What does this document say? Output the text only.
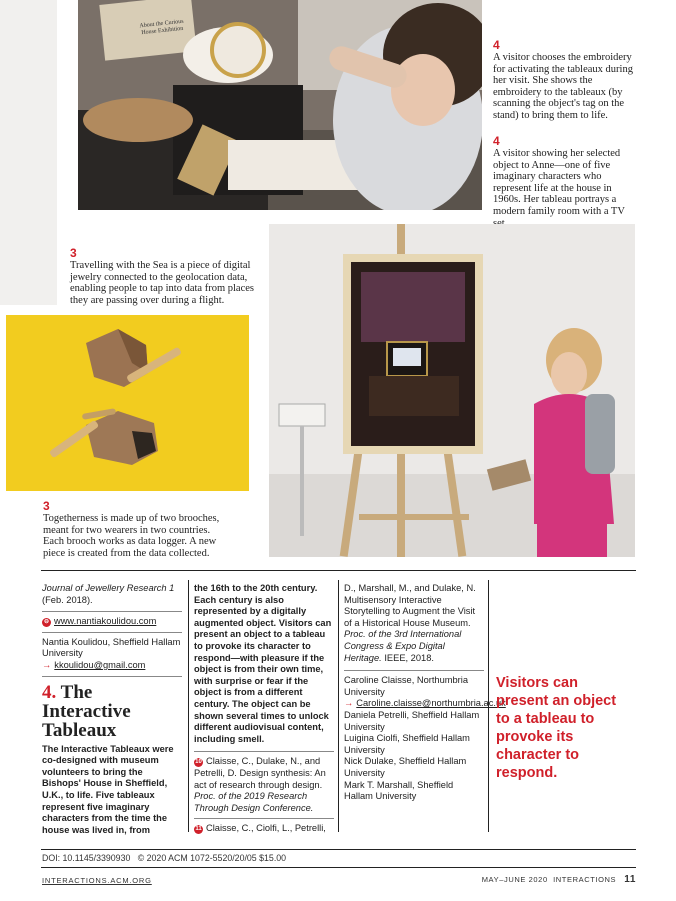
About the Curious House Exhibition
4
A visitor chooses the embroidery for activating the tableaux during her visit. She shows the embroidery to the tableaux (by scanning the object's tag on the stand) to bring them to life.
4
A visitor showing her selected object to Anne—one of five imaginary characters who represent life at the house in 1960s. Her tableau portrays a modern family room with a TV
3
Travelling with the Sea is a piece of digital jewelry connected to the geolocation data, enabling people to tap into data from places they are passing over during a flight.
3
Togetherness is made up of two brooches, meant for two wearers in two countries. Each brooch works as data logger. A new piece is created from the data collected.

Journal of Jewellery Research 1
(Feb. 2018).

⊖ www.nantiakoulidou.com

Nantia Koulidou, Sheffield Hallam University

→ kkoulidou@gmail.com

4. The
Interactive
Tableaux

The Interactive Tableaux were co-designed with museum volunteers to bring the Bishops' House in Sheffield, U.K., to life. Five tableaux represent five imaginary characters from the time the house was lived in, from

the 16th to the 20th century. Each century is also represented by a digitally augmented object. Visitors can present an object to a tableau to provoke its character to respond—with pleasure if the object is from their own time, with surprise or fear if the object is from a different century. The object can be shown several times to unlock different audiovisual content, including smell.

10 Claisse, C., Dulake, N., and Petrelli, D. Design synthesis: An act of research through design. Proc. of the 2019 Research Through Design Conference.

11 Claisse, C., Ciolfi, L., Petrelli,

D., Marshall, M., and Dulake, N. Multisensory Interactive Storytelling to Augment the Visit of a Historical House Museum. Proc. of the 3rd International Congress & Expo Digital Heritage. IEEE, 2018.

Caroline Claisse, Northumbria University

→ Caroline.claisse@northumbria.ac.uk

Daniela Petrelli, Sheffield Hallam University

Luigina Ciolfi, Sheffield Hallam University

Nick Dulake, Sheffield Hallam University

Mark T. Marshall, Sheffield Hallam University

Visitors can present an object to a tableau to provoke its character to respond.
DOI: 10.1145/3390930 © 2020 ACM 1072-5520/20/05 $15.00
INTERACTIONS.ACM.ORG	MAY–JUNE 2020 INTERACTIONS 11
